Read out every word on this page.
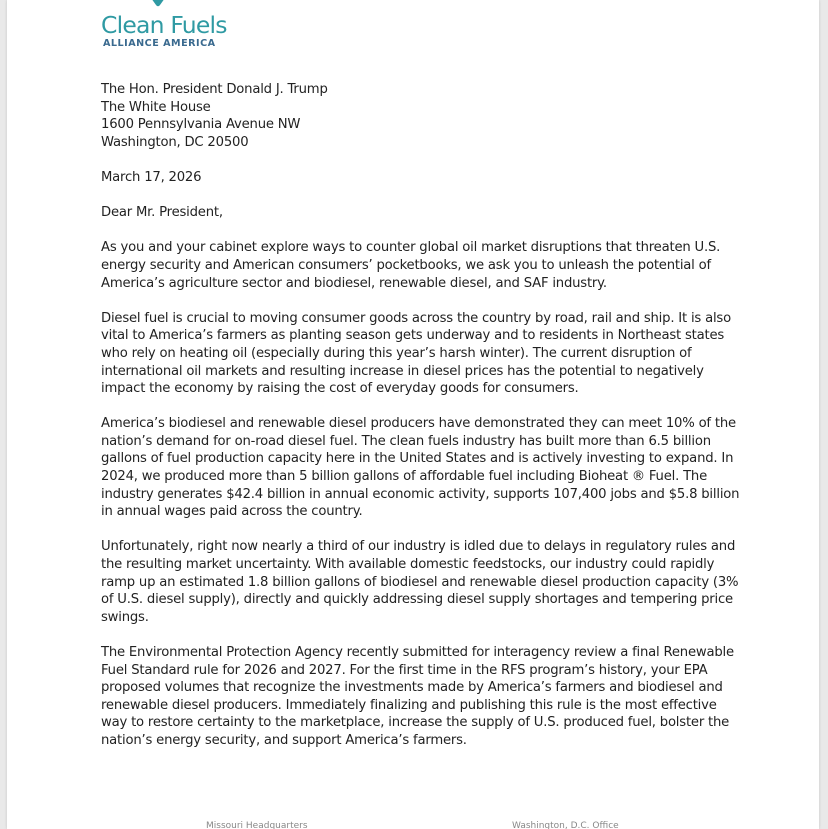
Clean Fuels
ALLIANCE AMERICA
The Hon. President Donald J. Trump
The White House
1600 Pennsylvania Avenue NW
Washington, DC 20500
March 17, 2026
Dear Mr. President,
As you and your cabinet explore ways to counter global oil market disruptions that threaten U.S.
energy security and American consumers’ pocketbooks, we ask you to unleash the potential of
America’s agriculture sector and biodiesel, renewable diesel, and SAF industry.
Diesel fuel is crucial to moving consumer goods across the country by road, rail and ship. It is also
vital to America’s farmers as planting season gets underway and to residents in Northeast states
who rely on heating oil (especially during this year’s harsh winter). The current disruption of
international oil markets and resulting increase in diesel prices has the potential to negatively
impact the economy by raising the cost of everyday goods for consumers.
America’s biodiesel and renewable diesel producers have demonstrated they can meet 10% of the
nation’s demand for on-road diesel fuel. The clean fuels industry has built more than 6.5 billion
gallons of fuel production capacity here in the United States and is actively investing to expand. In
2024, we produced more than 5 billion gallons of affordable fuel including Bioheat ® Fuel. The
industry generates $42.4 billion in annual economic activity, supports 107,400 jobs and $5.8 billion
in annual wages paid across the country.
Unfortunately, right now nearly a third of our industry is idled due to delays in regulatory rules and
the resulting market uncertainty. With available domestic feedstocks, our industry could rapidly
ramp up an estimated 1.8 billion gallons of biodiesel and renewable diesel production capacity (3%
of U.S. diesel supply), directly and quickly addressing diesel supply shortages and tempering price
swings.
The Environmental Protection Agency recently submitted for interagency review a final Renewable
Fuel Standard rule for 2026 and 2027. For the first time in the RFS program’s history, your EPA
proposed volumes that recognize the investments made by America’s farmers and biodiesel and
renewable diesel producers. Immediately finalizing and publishing this rule is the most effective
way to restore certainty to the marketplace, increase the supply of U.S. produced fuel, bolster the
nation’s energy security, and support America’s farmers.
Missouri Headquarters	Washington, D.C. Office
